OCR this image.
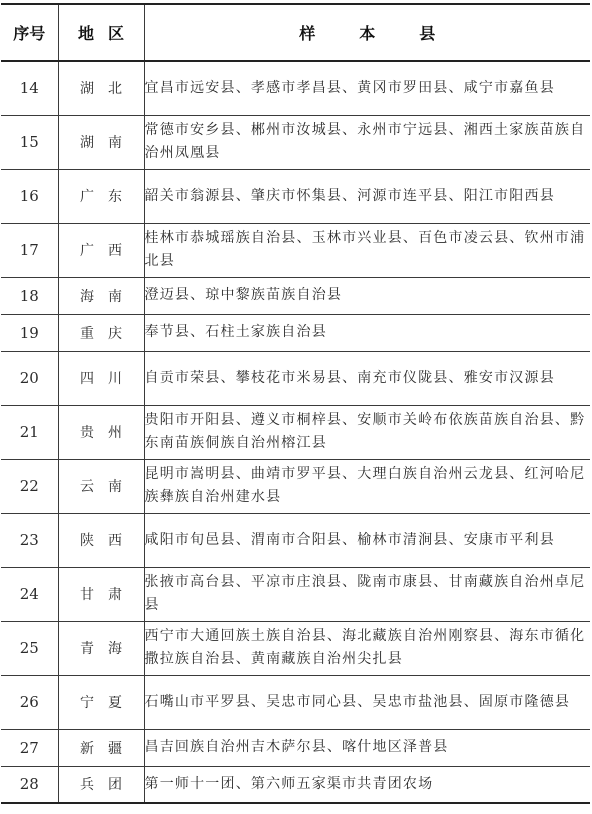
序号	地区	样本县
14	湖北	宜昌市远安县、孝感市孝昌县、黄冈市罗田县、咸宁市嘉鱼县
15	湖南	常德市安乡县、郴州市汝城县、永州市宁远县、湘西土家族苗族自治州凤凰县
16	广东	韶关市翁源县、肇庆市怀集县、河源市连平县、阳江市阳西县
17	广西	桂林市恭城瑶族自治县、玉林市兴业县、百色市凌云县、钦州市浦北县
18	海南	澄迈县、琼中黎族苗族自治县
19	重庆	奉节县、石柱土家族自治县
20	四川	自贡市荣县、攀枝花市米易县、南充市仪陇县、雅安市汉源县
21	贵州	贵阳市开阳县、遵义市桐梓县、安顺市关岭布依族苗族自治县、黔东南苗族侗族自治州榕江县
22	云南	昆明市嵩明县、曲靖市罗平县、大理白族自治州云龙县、红河哈尼族彝族自治州建水县
23	陕西	咸阳市旬邑县、渭南市合阳县、榆林市清涧县、安康市平利县
24	甘肃	张掖市高台县、平凉市庄浪县、陇南市康县、甘南藏族自治州卓尼县
25	青海	西宁市大通回族土族自治县、海北藏族自治州刚察县、海东市循化撒拉族自治县、黄南藏族自治州尖扎县
26	宁夏	石嘴山市平罗县、吴忠市同心县、吴忠市盐池县、固原市隆德县
27	新疆	昌吉回族自治州吉木萨尔县、喀什地区泽普县
28	兵团	第一师十一团、第六师五家渠市共青团农场
